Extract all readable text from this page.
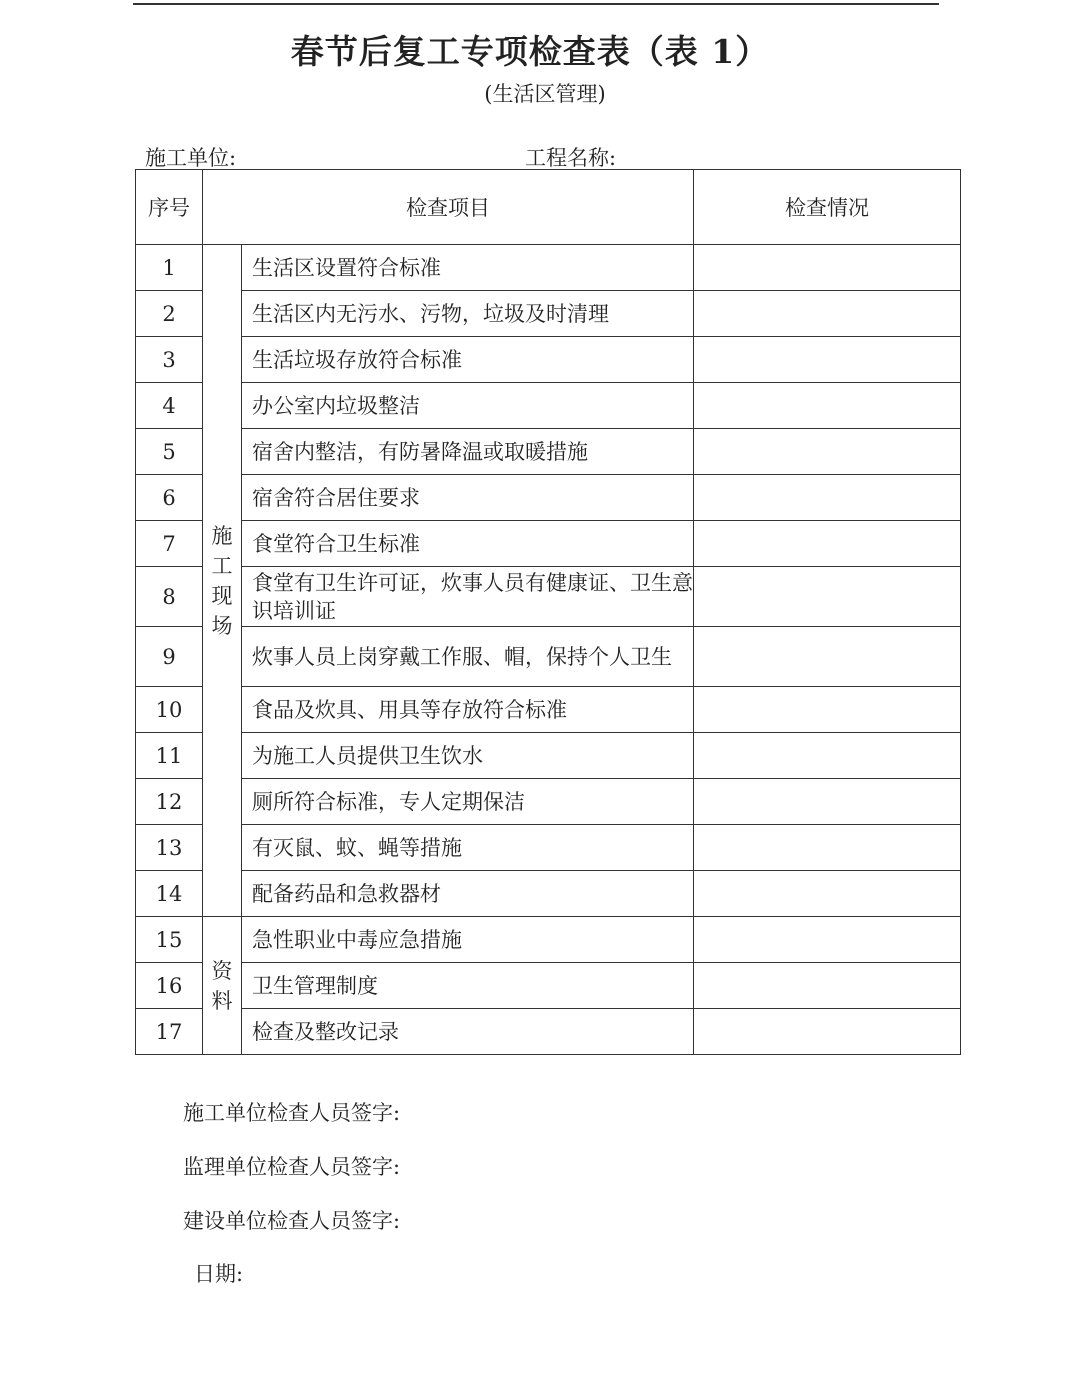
春节后复工专项检查表（表 1）
(生活区管理)
施工单位:	工程名称:
序号	检查项目		检查情况
1	施工现场	生活区设置符合标准	
2		生活区内无污水、污物，垃圾及时清理	
3		生活垃圾存放符合标准	
4		办公室内垃圾整洁	
5		宿舍内整洁，有防暑降温或取暖措施	
6		宿舍符合居住要求	
7		食堂符合卫生标准	
8		食堂有卫生许可证，炊事人员有健康证、卫生意识培训证	
9		炊事人员上岗穿戴工作服、帽，保持个人卫生	
10		食品及炊具、用具等存放符合标准	
11		为施工人员提供卫生饮水	
12		厕所符合标准，专人定期保洁	
13		有灭鼠、蚊、蝇等措施	
14		配备药品和急救器材	
15	资料	急性职业中毒应急措施	
16		卫生管理制度	
17		检查及整改记录	
施工单位检查人员签字:
监理单位检查人员签字:
建设单位检查人员签字:
日期:
